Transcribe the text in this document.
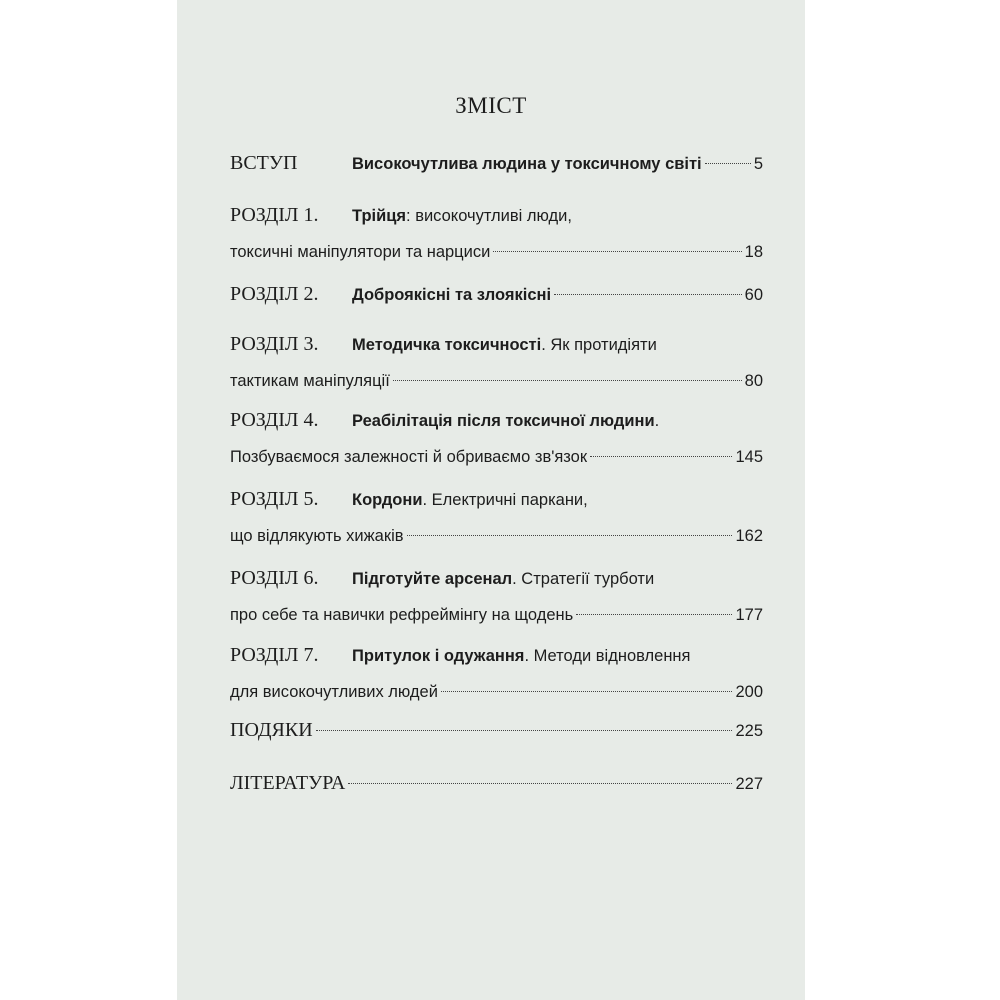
ЗМІСТ
ВСТУП	Високочутлива людина у токсичному світі	5
РОЗДІЛ 1. Трійця: високочутливі люди,
токсичні маніпулятори та нарциси	18
РОЗДІЛ 2. Доброякісні та злоякісні	60
РОЗДІЛ 3. Методичка токсичності. Як протидіяти
тактикам маніпуляції	80
РОЗДІЛ 4. Реабілітація після токсичної людини.
Позбуваємося залежності й обриваємо зв'язок	145
РОЗДІЛ 5. Кордони. Електричні паркани,
що відлякують хижаків	162
РОЗДІЛ 6. Підготуйте арсенал. Стратегії турботи
про себе та навички рефреймінгу на щодень	177
РОЗДІЛ 7. Притулок і одужання. Методи відновлення
для високочутливих людей	200
ПОДЯКИ	225
ЛІТЕРАТУРА	227
